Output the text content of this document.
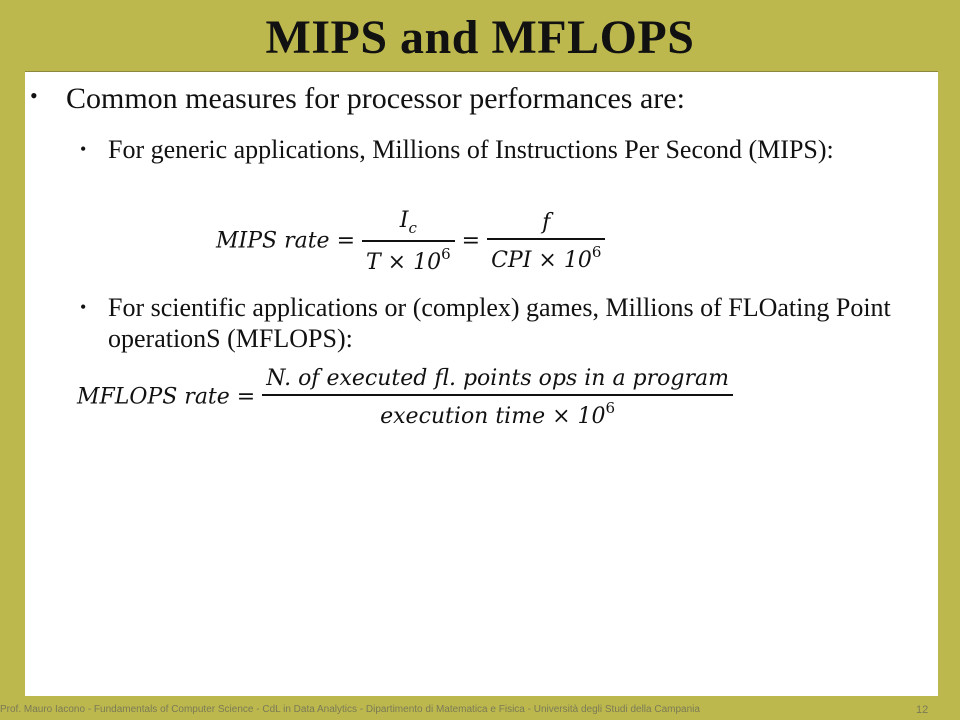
MIPS and MFLOPS
• Common measures for processor performances are:
• For generic applications, Millions of Instructions Per Second (MIPS):
MIPS rate = $\frac{I_c}{T \times 10^6} = \frac{f}{CPI \times 10^6}$
• For scientific applications or (complex) games, Millions of FLOating Point operationS (MFLOPS):
MFLOPS rate = $\frac{\text{N. of executed fl. points ops in a program}}{execution time \times 10^6}$
Prof. Mauro Iacono - Fundamentals of Computer Science - CdL in Data Analytics - Dipartimento di Matematica e Fisica - Università degli Studi della Campania	12
